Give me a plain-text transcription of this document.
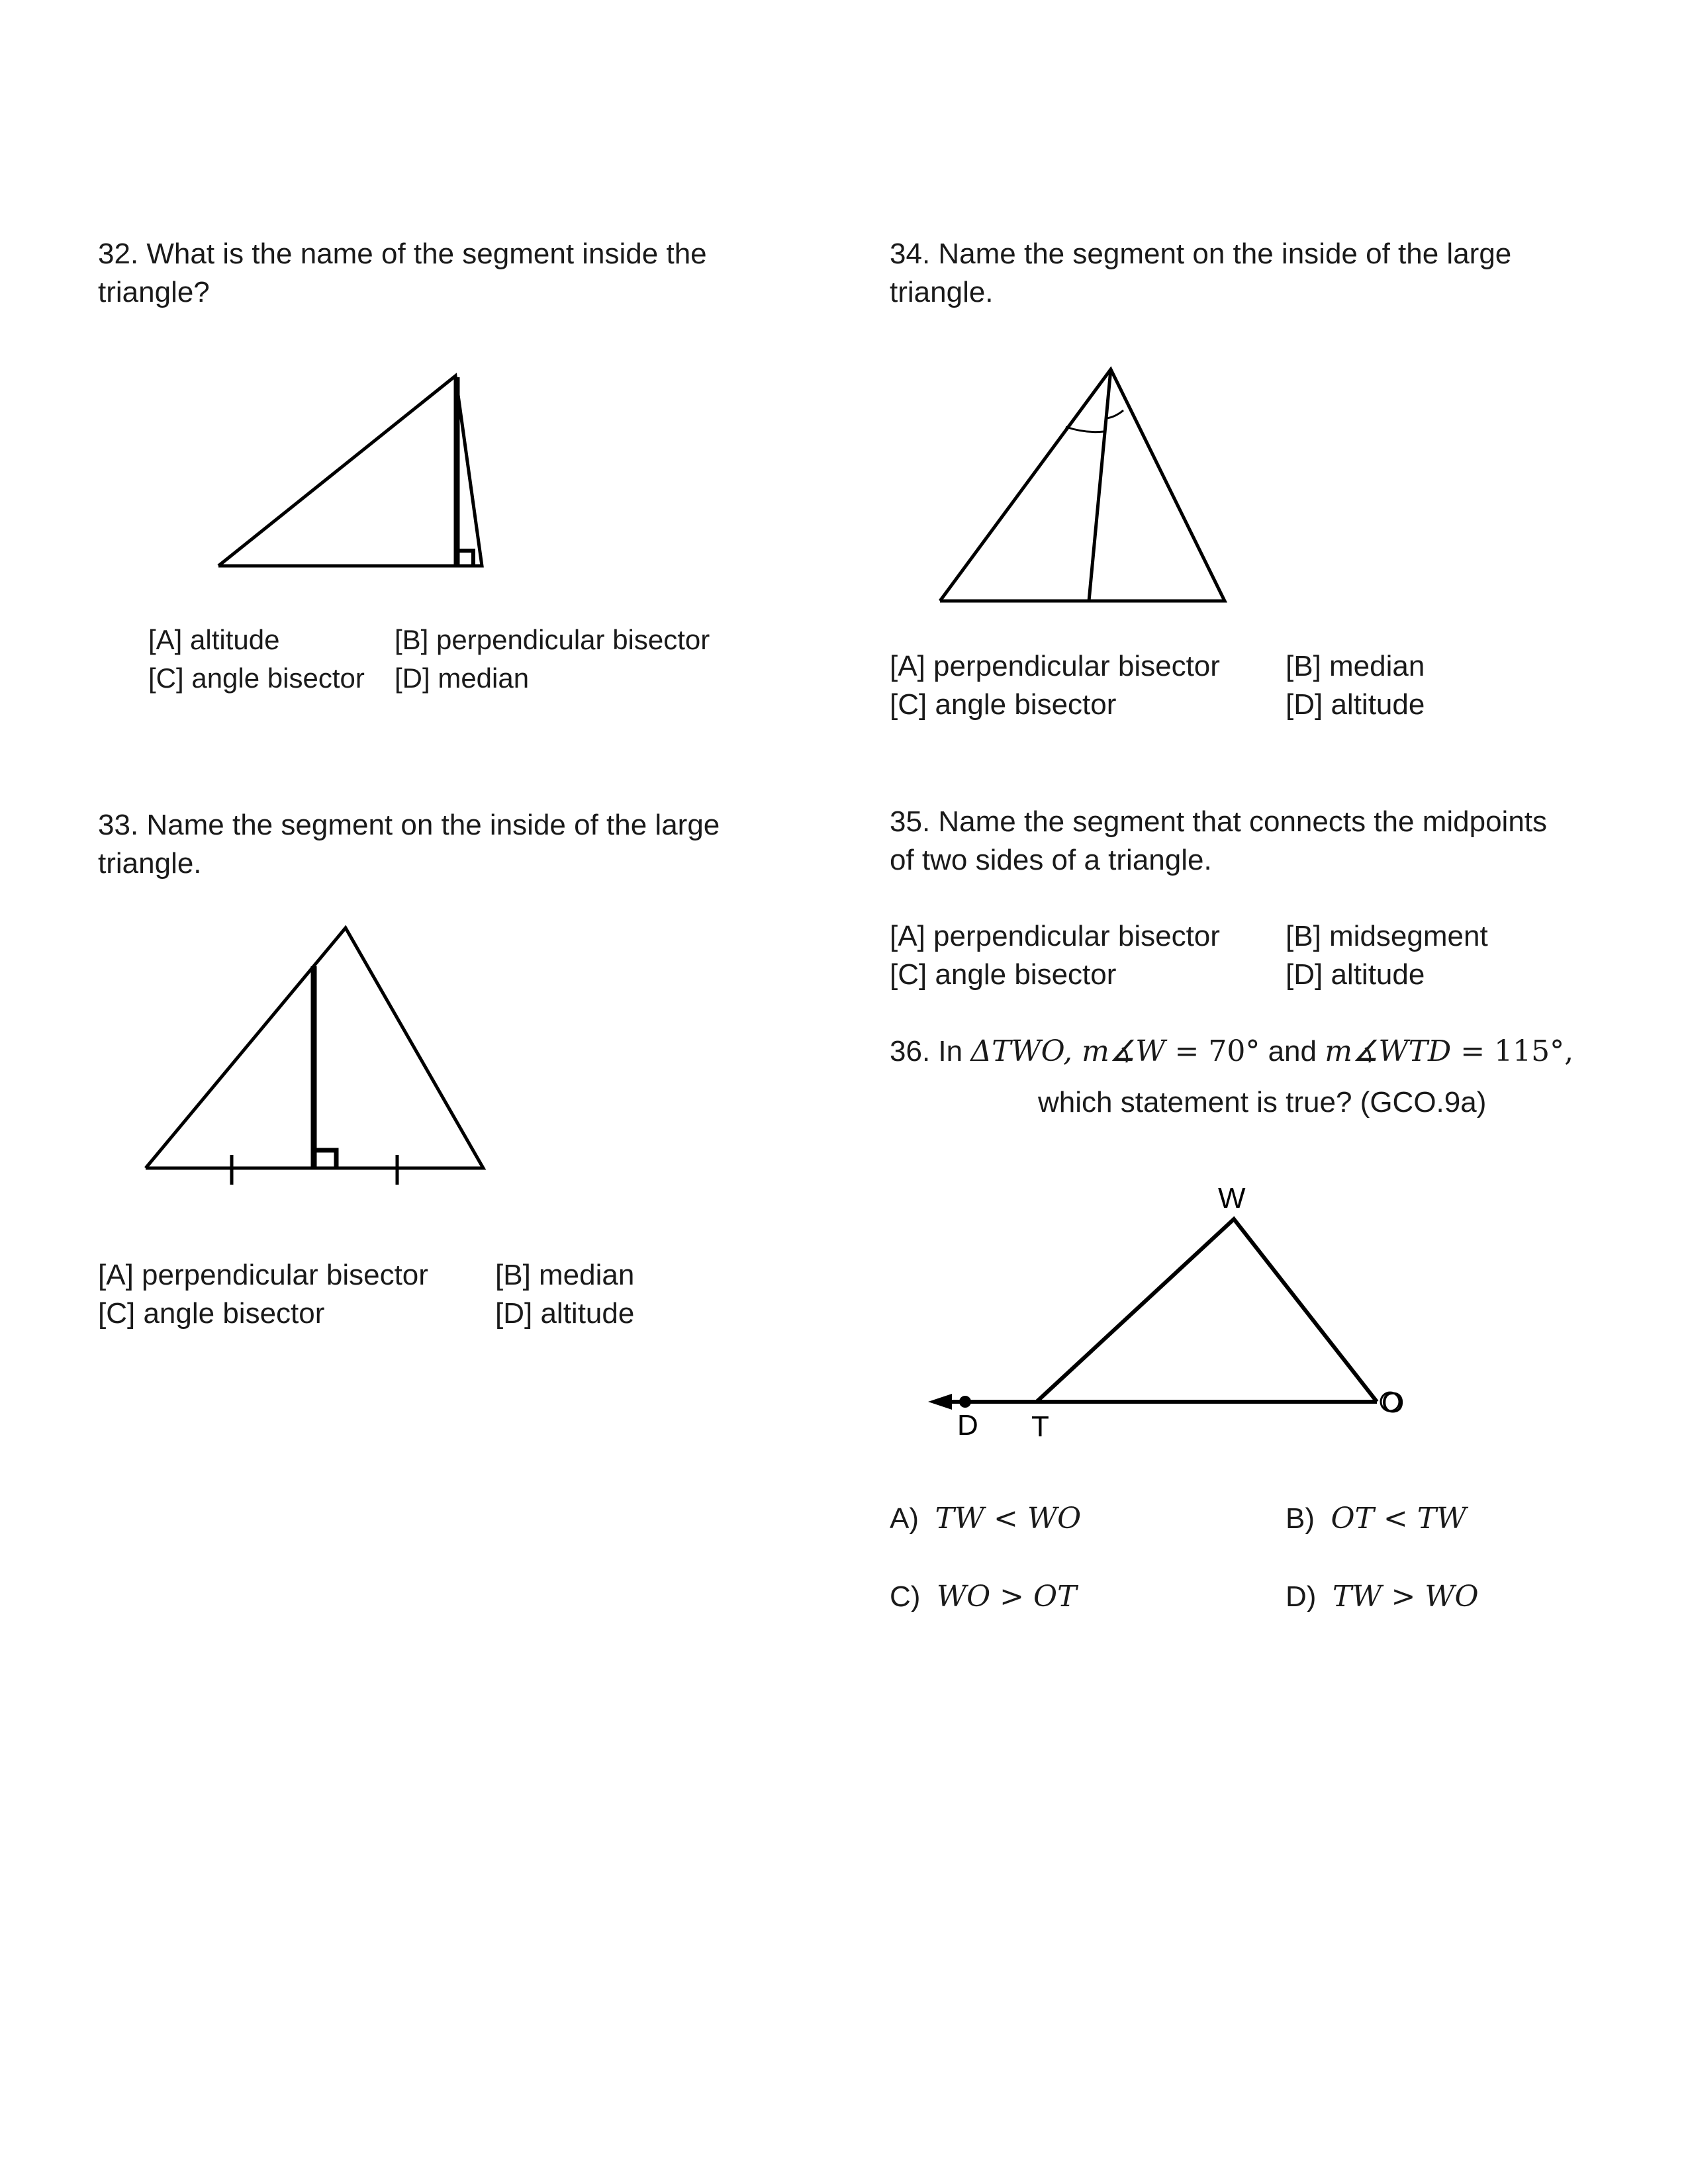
32. What is the name of the segment inside the triangle?
[A] altitude	[B] perpendicular bisector
[C] angle bisector [D] median
33. Name the segment on the inside of the large triangle.
[A] perpendicular bisector [B] median
[C] angle bisector	[D] altitude
34. Name the segment on the inside of the large triangle.
[A] perpendicular bisector [B] median
[C] angle bisector	[D] altitude
35. Name the segment that connects the midpoints of two sides of a triangle.
[A] perpendicular bisector [B] midsegment
[C] angle bisector	[D] altitude
36. In ΔTWO, m∡W = 70° and m∡WTD = 115°,
which statement is true? (GCO.9a)
W
O
D T
A) TW < WO	B) OT < TW
C) WO > OT	D) TW > WO
